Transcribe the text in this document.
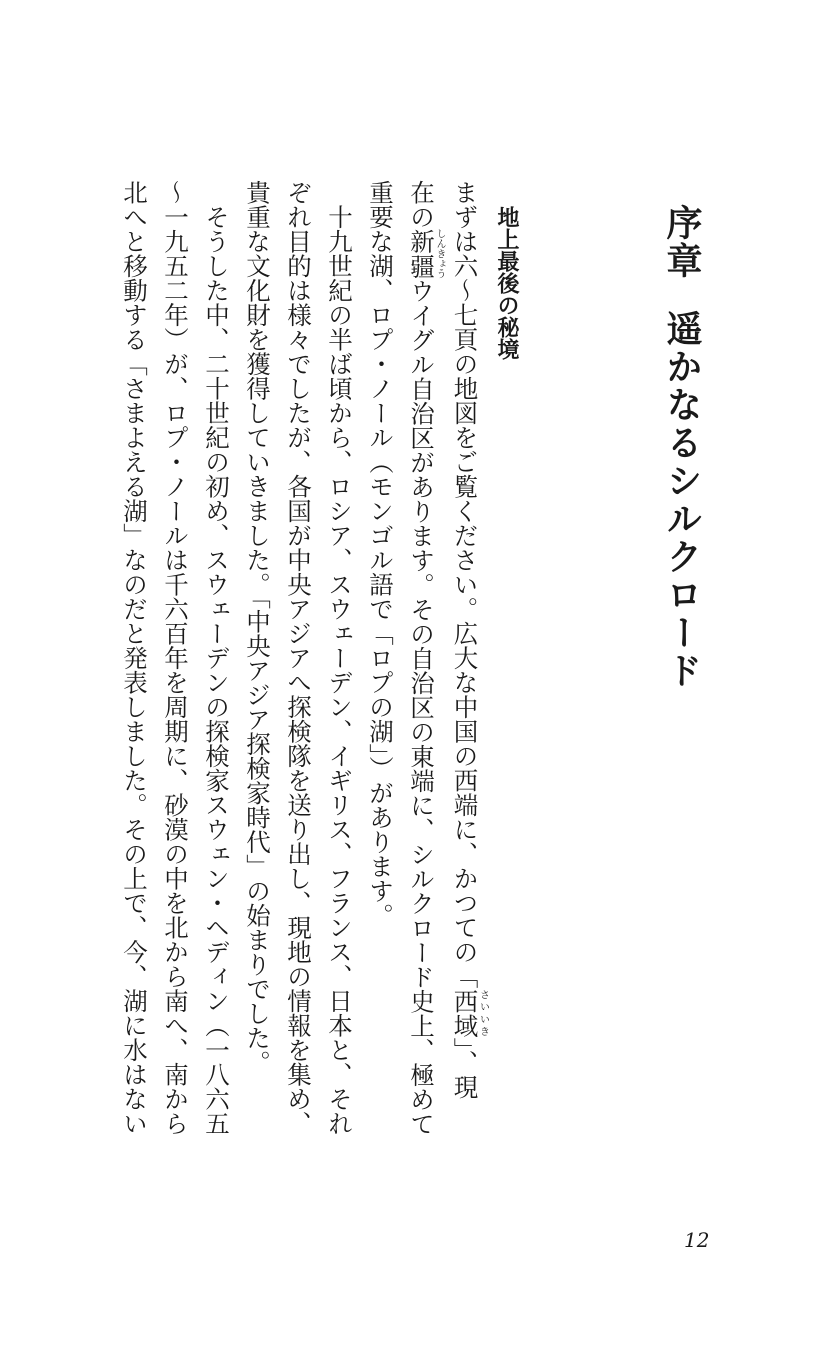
序章遥かなるシルクロード
地上最後の秘境
まずは六～七頁の地図をご覧ください。広大な中国の西端に、かつての「西域さいいき」、現
在の新疆しんきょうウイグル自治区があります。その自治区の東端に、シルクロード史上、極めて
重要な湖、ロプ・ノール（モンゴル語で「ロプの湖」）があります。
　十九世紀の半ば頃から、ロシア、スウェーデン、イギリス、フランス、日本と、それ
ぞれ目的は様々でしたが、各国が中央アジアへ探検隊を送り出し、現地の情報を集め、
貴重な文化財を獲得していきました。「中央アジア探検家時代」の始まりでした。
　そうした中、二十世紀の初め、スウェーデンの探検家スウェン・ヘディン（一八六五
～一九五二年）が、ロプ・ノールは千六百年を周期に、砂漠の中を北から南へ、南から
北へと移動する「さまよえる湖」なのだと発表しました。その上で、今、湖に水はない
12
